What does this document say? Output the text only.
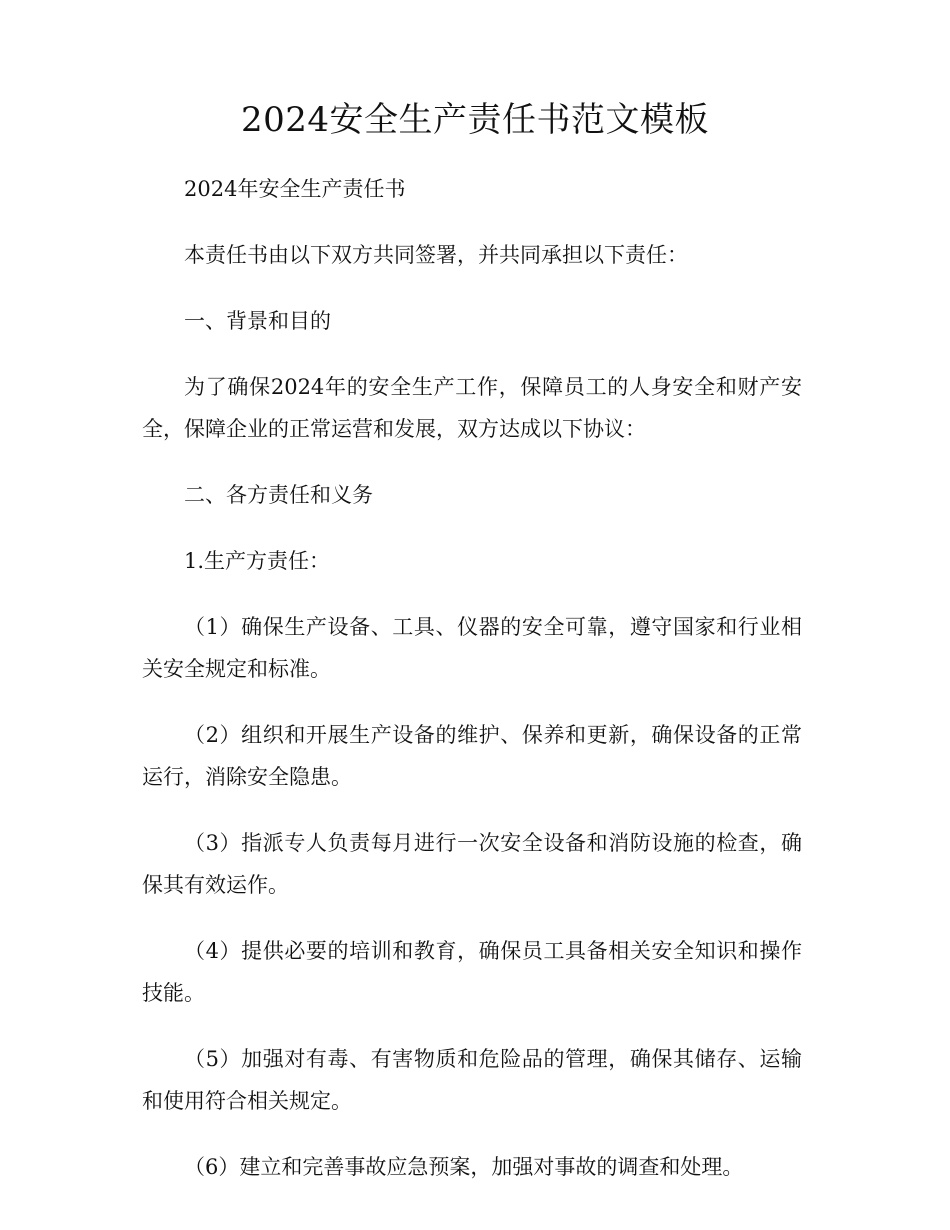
2024安全生产责任书范文模板

2024年安全生产责任书

本责任书由以下双方共同签署，并共同承担以下责任：

一、背景和目的

为了确保2024年的安全生产工作，保障员工的人身安全和财产安全，保障企业的正常运营和发展，双方达成以下协议：

二、各方责任和义务

1.生产方责任：

（1）确保生产设备、工具、仪器的安全可靠，遵守国家和行业相关安全规定和标准。

（2）组织和开展生产设备的维护、保养和更新，确保设备的正常运行，消除安全隐患。

（3）指派专人负责每月进行一次安全设备和消防设施的检查，确保其有效运作。

（4）提供必要的培训和教育，确保员工具备相关安全知识和操作技能。

（5）加强对有毒、有害物质和危险品的管理，确保其储存、运输和使用符合相关规定。

（6）建立和完善事故应急预案，加强对事故的调查和处理。
